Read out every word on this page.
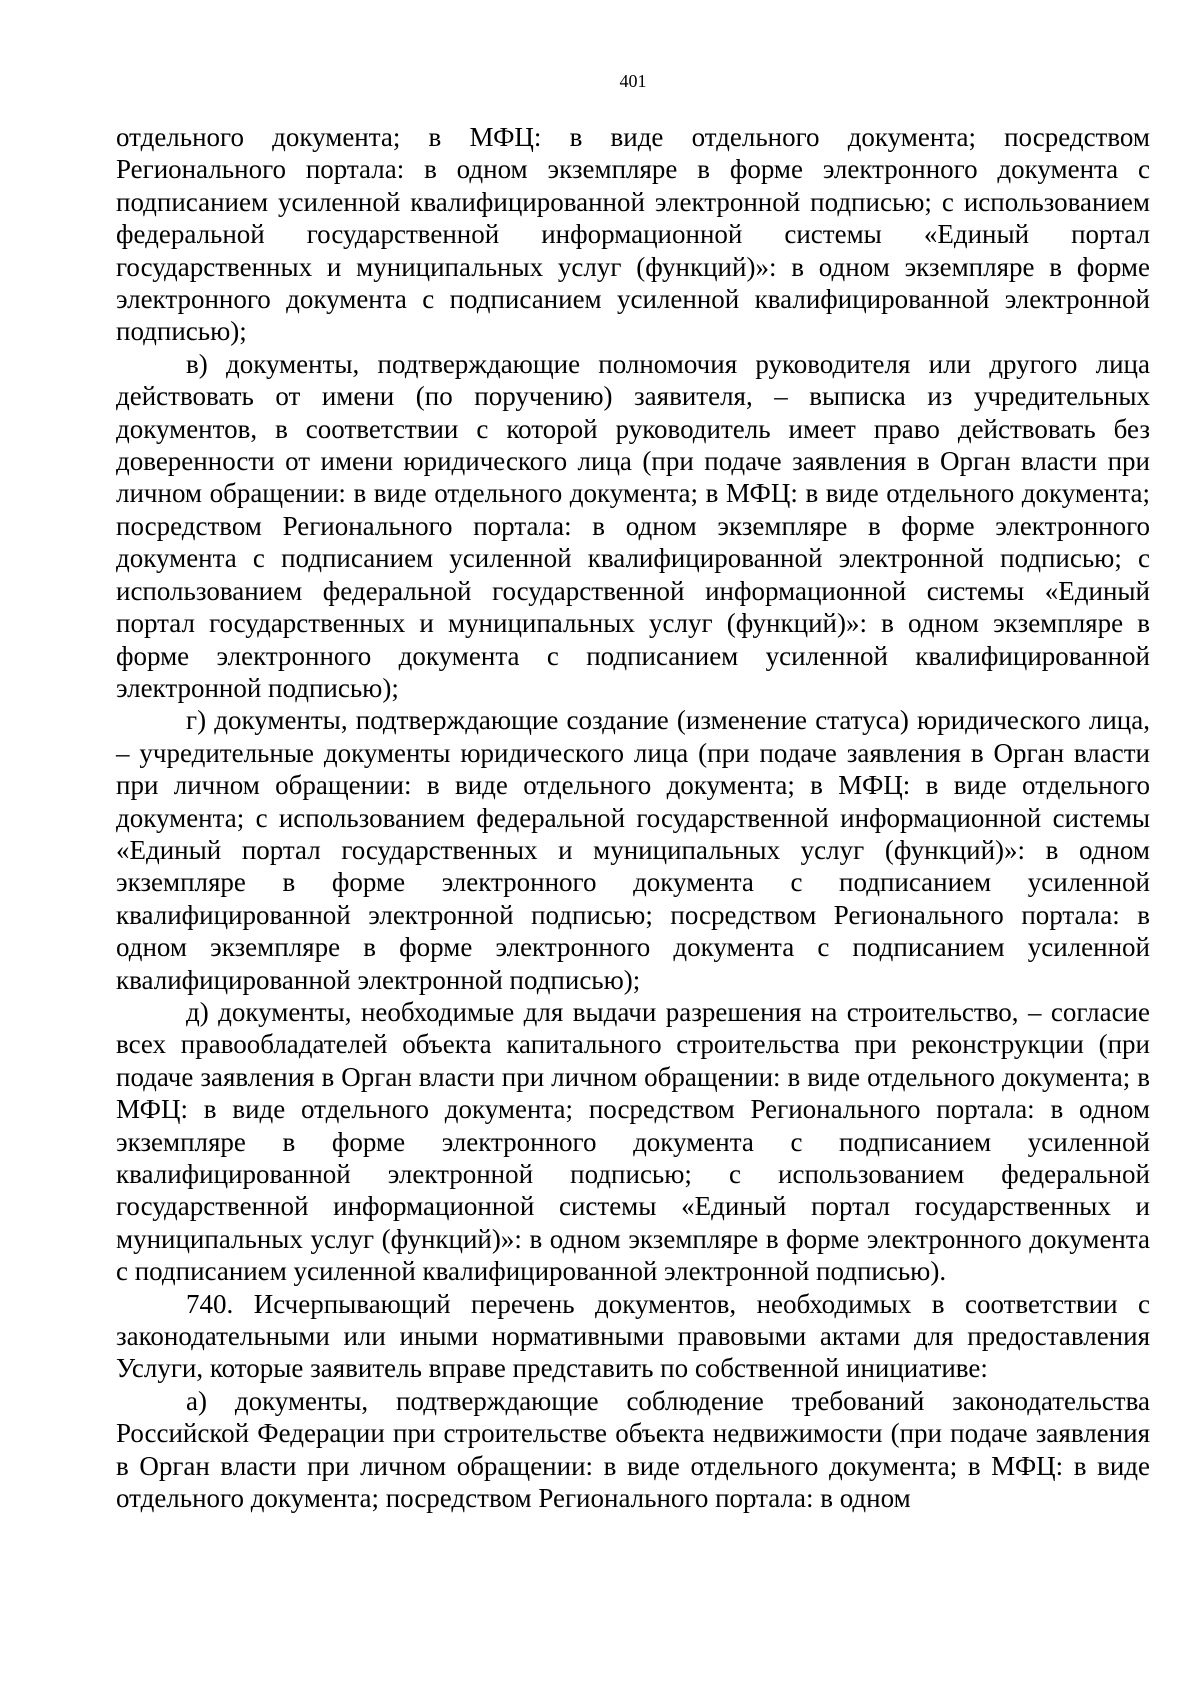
401

отдельного документа; в МФЦ: в виде отдельного документа; посредством Регионального портала: в одном экземпляре в форме электронного документа с подписанием усиленной квалифицированной электронной подписью; с использованием федеральной государственной информационной системы «Единый портал государственных и муниципальных услуг (функций)»: в одном экземпляре в форме электронного документа с подписанием усиленной квалифицированной электронной подписью);

в) документы, подтверждающие полномочия руководителя или другого лица действовать от имени (по поручению) заявителя, – выписка из учредительных документов, в соответствии с которой руководитель имеет право действовать без доверенности от имени юридического лица (при подаче заявления в Орган власти при личном обращении: в виде отдельного документа; в МФЦ: в виде отдельного документа; посредством Регионального портала: в одном экземпляре в форме электронного документа с подписанием усиленной квалифицированной электронной подписью; с использованием федеральной государственной информационной системы «Единый портал государственных и муниципальных услуг (функций)»: в одном экземпляре в форме электронного документа с подписанием усиленной квалифицированной электронной подписью);

г) документы, подтверждающие создание (изменение статуса) юридического лица, – учредительные документы юридического лица (при подаче заявления в Орган власти при личном обращении: в виде отдельного документа; в МФЦ: в виде отдельного документа; с использованием федеральной государственной информационной системы «Единый портал государственных и муниципальных услуг (функций)»: в одном экземпляре в форме электронного документа с подписанием усиленной квалифицированной электронной подписью; посредством Регионального портала: в одном экземпляре в форме электронного документа с подписанием усиленной квалифицированной электронной подписью);

д) документы, необходимые для выдачи разрешения на строительство, – согласие всех правообладателей объекта капитального строительства при реконструкции (при подаче заявления в Орган власти при личном обращении: в виде отдельного документа; в МФЦ: в виде отдельного документа; посредством Регионального портала: в одном экземпляре в форме электронного документа с подписанием усиленной квалифицированной электронной подписью; с использованием федеральной государственной информационной системы «Единый портал государственных и муниципальных услуг (функций)»: в одном экземпляре в форме электронного документа с подписанием усиленной квалифицированной электронной подписью).

740. Исчерпывающий перечень документов, необходимых в соответствии с законодательными или иными нормативными правовыми актами для предоставления Услуги, которые заявитель вправе представить по собственной инициативе:

а) документы, подтверждающие соблюдение требований законодательства Российской Федерации при строительстве объекта недвижимости (при подаче заявления в Орган власти при личном обращении: в виде отдельного документа; в МФЦ: в виде отдельного документа; посредством Регионального портала: в одном
